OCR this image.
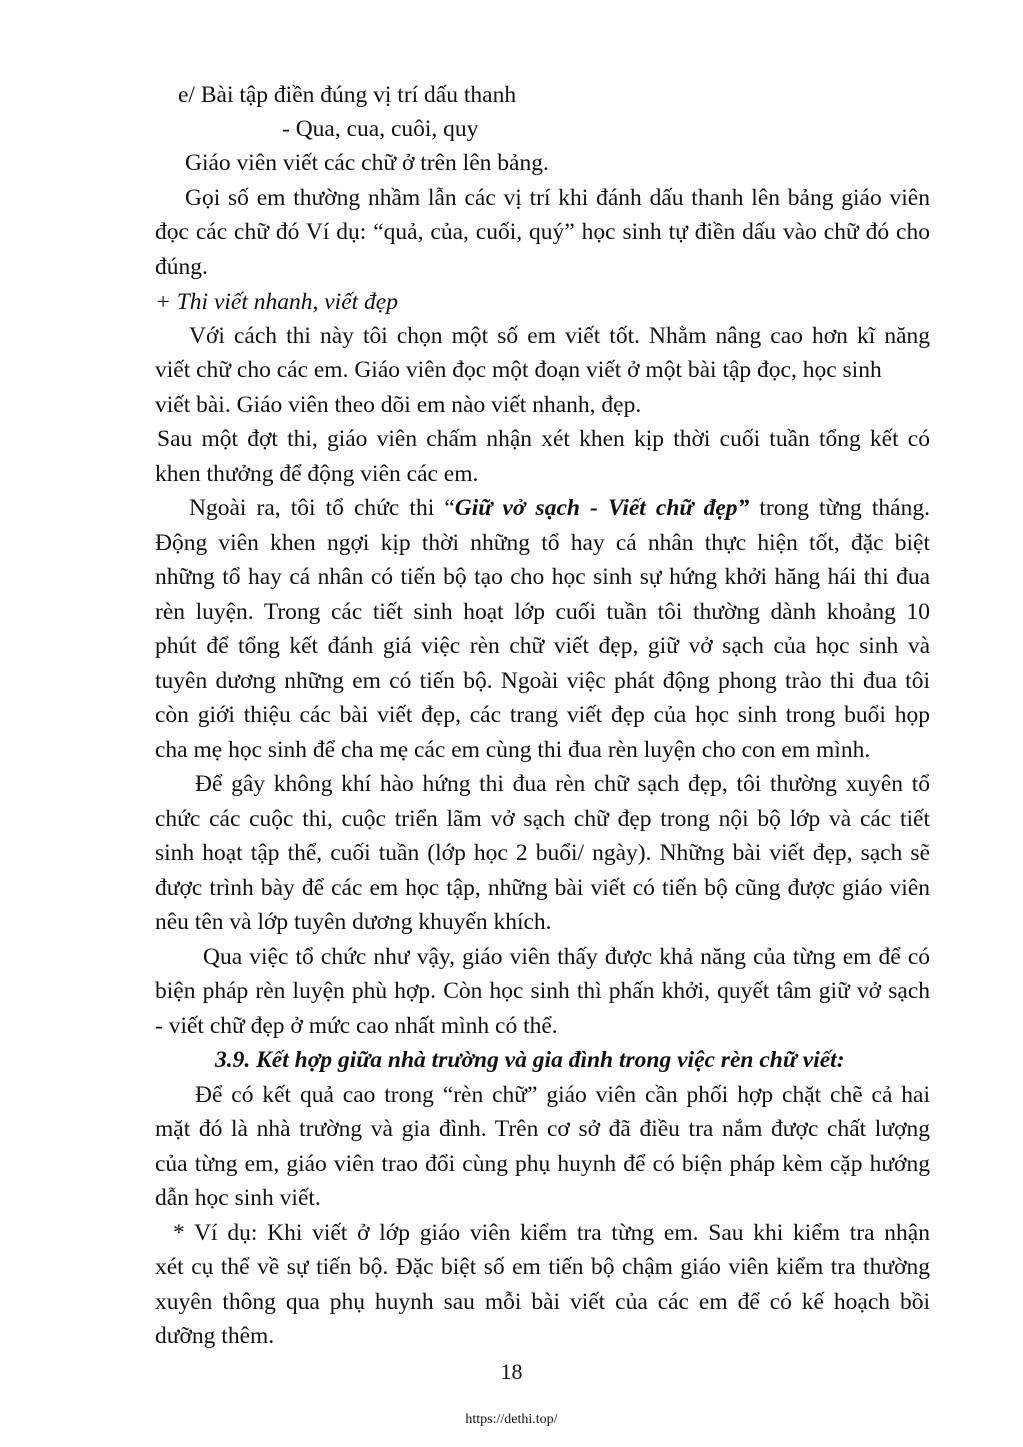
e/ Bài tập điền đúng vị trí dấu thanh
- Qua, cua, cuôi, quy
Giáo viên viết các chữ ở trên lên bảng.
Gọi số em thường nhầm lẫn các vị trí khi đánh dấu thanh lên bảng giáo viên
đọc các chữ đó Ví dụ: “quả, của, cuối, quý” học sinh tự điền dấu vào chữ đó cho
đúng.
+ Thi viết nhanh, viết đẹp
Với cách thi này tôi chọn một số em viết tốt. Nhằm nâng cao hơn kĩ năng
viết chữ cho các em. Giáo viên đọc một đoạn viết ở một bài tập đọc, học sinh
viết bài. Giáo viên theo dõi em nào viết nhanh, đẹp.
Sau một đợt thi, giáo viên chấm nhận xét khen kịp thời cuối tuần tổng kết có
khen thưởng để động viên các em.
Ngoài ra, tôi tổ chức thi “Giữ vở sạch - Viết chữ đẹp” trong từng tháng.
Động viên khen ngợi kịp thời những tổ hay cá nhân thực hiện tốt, đặc biệt
những tổ hay cá nhân có tiến bộ tạo cho học sinh sự hứng khởi hăng hái thi đua
rèn luyện. Trong các tiết sinh hoạt lớp cuối tuần tôi thường dành khoảng 10
phút để tổng kết đánh giá việc rèn chữ viết đẹp, giữ vở sạch của học sinh và
tuyên dương những em có tiến bộ. Ngoài việc phát động phong trào thi đua tôi
còn giới thiệu các bài viết đẹp, các trang viết đẹp của học sinh trong buổi họp
cha mẹ học sinh để cha mẹ các em cùng thi đua rèn luyện cho con em mình.
Để gây không khí hào hứng thi đua rèn chữ sạch đẹp, tôi thường xuyên tổ
chức các cuộc thi, cuộc triển lãm vở sạch chữ đẹp trong nội bộ lớp và các tiết
sinh hoạt tập thể, cuối tuần (lớp học 2 buổi/ ngày). Những bài viết đẹp, sạch sẽ
được trình bày để các em học tập, những bài viết có tiến bộ cũng được giáo viên
nêu tên và lớp tuyên dương khuyến khích.
Qua việc tổ chức như vậy, giáo viên thấy được khả năng của từng em để có
biện pháp rèn luyện phù hợp. Còn học sinh thì phấn khởi, quyết tâm giữ vở sạch
- viết chữ đẹp ở mức cao nhất mình có thể.
3.9. Kết hợp giữa nhà trường và gia đình trong việc rèn chữ viết:
Để có kết quả cao trong “rèn chữ” giáo viên cần phối hợp chặt chẽ cả hai
mặt đó là nhà trường và gia đình. Trên cơ sở đã điều tra nắm được chất lượng
của từng em, giáo viên trao đổi cùng phụ huynh để có biện pháp kèm cặp hướng
dẫn học sinh viết.
* Ví dụ: Khi viết ở lớp giáo viên kiểm tra từng em. Sau khi kiểm tra nhận
xét cụ thể về sự tiến bộ. Đặc biệt số em tiến bộ chậm giáo viên kiểm tra thường
xuyên thông qua phụ huynh sau mỗi bài viết của các em để có kế hoạch bồi
dưỡng thêm.
18
https://dethi.top/
